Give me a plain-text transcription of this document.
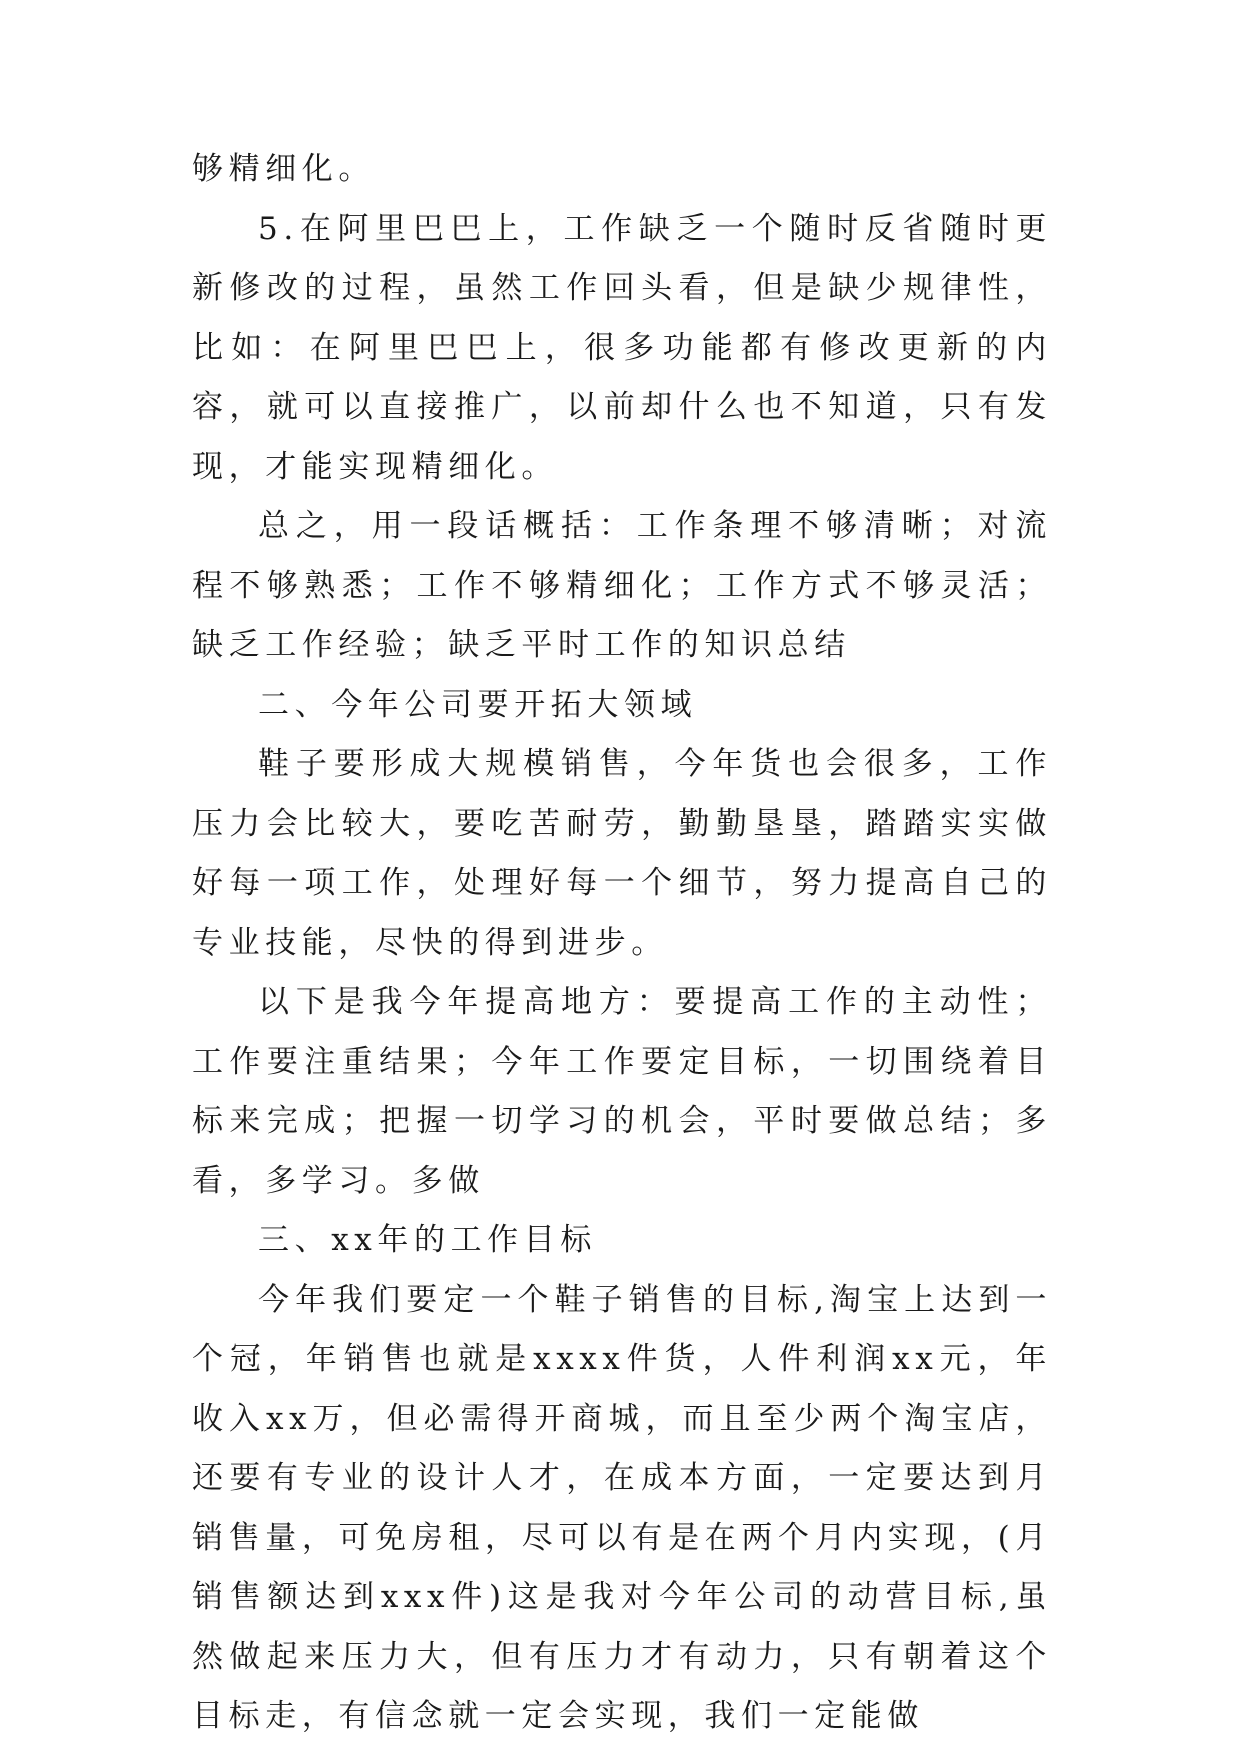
够精细化。

5.在阿里巴巴上，工作缺乏一个随时反省随时更新修改的过程，虽然工作回头看，但是缺少规律性，比如：在阿里巴巴上，很多功能都有修改更新的内容，就可以直接推广，以前却什么也不知道，只有发现，才能实现精细化。

总之，用一段话概括：工作条理不够清晰；对流程不够熟悉；工作不够精细化；工作方式不够灵活；缺乏工作经验；缺乏平时工作的知识总结

二、今年公司要开拓大领域

鞋子要形成大规模销售，今年货也会很多，工作压力会比较大，要吃苦耐劳，勤勤垦垦，踏踏实实做好每一项工作，处理好每一个细节，努力提高自己的专业技能，尽快的得到进步。

以下是我今年提高地方：要提高工作的主动性；工作要注重结果；今年工作要定目标，一切围绕着目标来完成；把握一切学习的机会，平时要做总结；多看，多学习。多做

三、xx年的工作目标

今年我们要定一个鞋子销售的目标,淘宝上达到一个冠，年销售也就是xxxx件货，人件利润xx元，年收入xx万，但必需得开商城，而且至少两个淘宝店，还要有专业的设计人才，在成本方面，一定要达到月销售量，可免房租，尽可以有是在两个月内实现，(月销售额达到xxx件)这是我对今年公司的动营目标,虽然做起来压力大，但有压力才有动力，只有朝着这个目标走，有信念就一定会实现，我们一定能做
